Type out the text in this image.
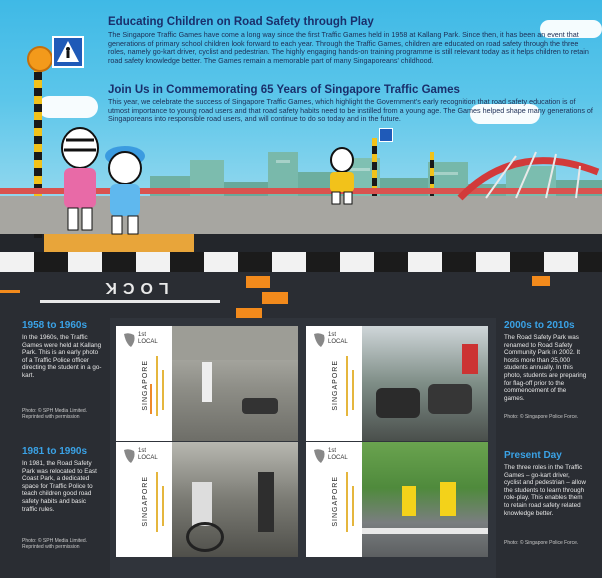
LOCK
Educating Children on Road Safety through Play
The Singapore Traffic Games have come a long way since the first Traffic Games held in 1958 at Kallang Park. Since then, it has been an event that generations of primary school children look forward to each year. Through the Traffic Games, children are educated on road safety through the three roles, namely go-kart driver, cyclist and pedestrian. The highly engaging hands-on training programme is still relevant today as it helps children to retain road safety knowledge better. The Games remain a memorable part of many Singaporeans' childhood.
Join Us in Commemorating 65 Years of Singapore Traffic Games
This year, we celebrate the success of Singapore Traffic Games, which highlight the Government's early recognition that road safety education is of utmost importance to young road users and that road safety habits need to be instilled from a young age. The Games helped shape many generations of Singaporeans into responsible road users, and will continue to do so today and in the future.
1958 to 1960s
In the 1960s, the Traffic Games were held at Kallang Park. This is an early photo of a Traffic Police officer directing the student in a go-kart.
Photo: © SPH Media Limited. Reprinted with permission
1981 to 1990s
In 1981, the Road Safety Park was relocated to East Coast Park, a dedicated space for Traffic Police to teach children good road safety habits and basic traffic rules.
Photo: © SPH Media Limited. Reprinted with permission
2000s to 2010s
The Road Safety Park was renamed to Road Safety Community Park in 2002. It hosts more than 25,000 students annually. In this photo, students are preparing for flag-off prior to the commencement of the games.
Photo: © Singapore Police Force.
Present Day
The three roles in the Traffic Games – go-kart driver, cyclist and pedestrian – allow the students to learn through role-play. This enables them to retain road safety related knowledge better.
Photo: © Singapore Police Force.
1st
LOCAL
SINGAPORE
1st
LOCAL
SINGAPORE
1st
LOCAL
SINGAPORE
1st
LOCAL
SINGAPORE
